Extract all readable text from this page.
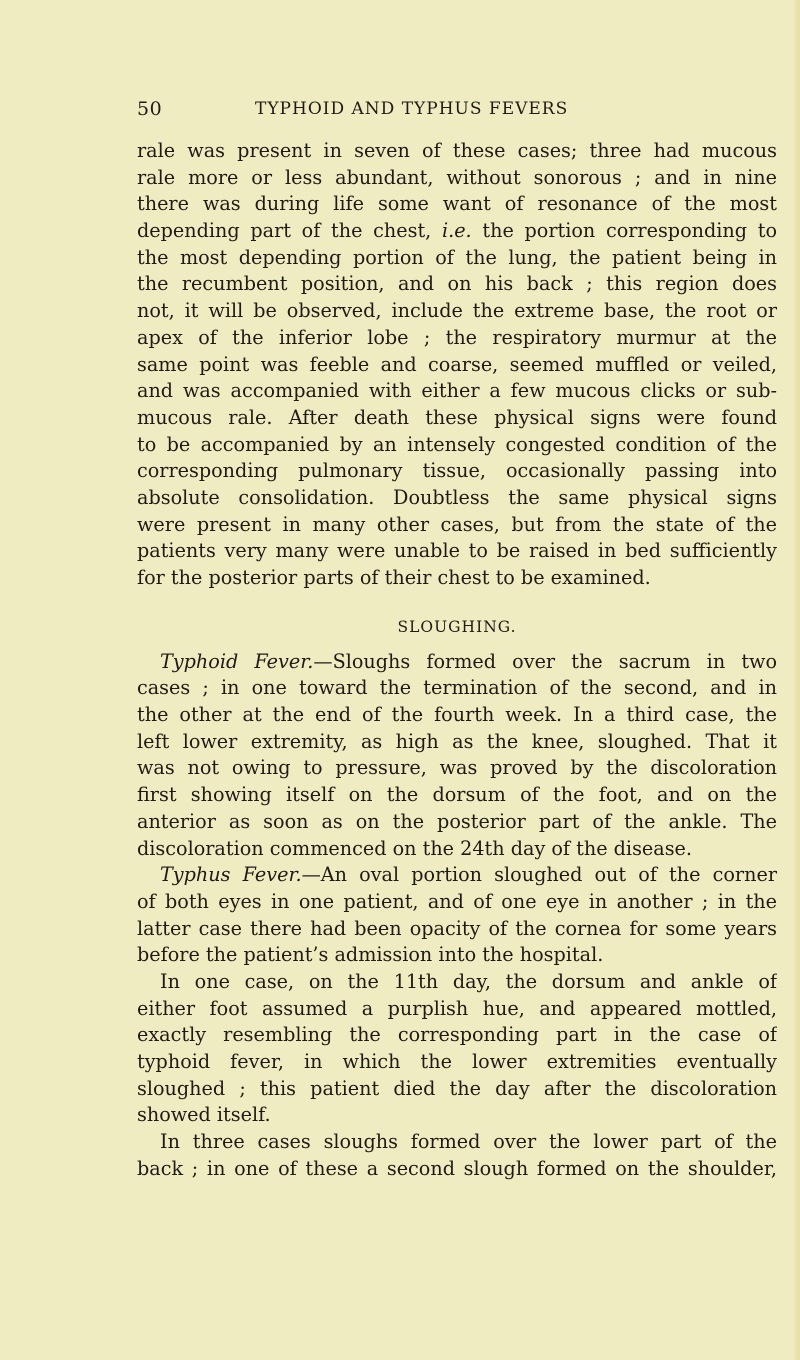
50	TYPHOID AND TYPHUS FEVERS
rale was present in seven of these cases; three had mucous
rale more or less abundant, without sonorous ; and in nine
there was during life some want of resonance of the most
depending part of the chest, i.e. the portion corresponding to
the most depending portion of the lung, the patient being in
the recumbent position, and on his back ; this region does
not, it will be observed, include the extreme base, the root or
apex of the inferior lobe ; the respiratory murmur at the
same point was feeble and coarse, seemed muffled or veiled,
and was accompanied with either a few mucous clicks or sub-
mucous rale. After death these physical signs were found
to be accompanied by an intensely congested condition of the
corresponding pulmonary tissue, occasionally passing into
absolute consolidation. Doubtless the same physical signs
were present in many other cases, but from the state of the
patients very many were unable to be raised in bed sufficiently
for the posterior parts of their chest to be examined.
SLOUGHING.
Typhoid Fever.—Sloughs formed over the sacrum in two
cases ; in one toward the termination of the second, and in
the other at the end of the fourth week. In a third case, the
left lower extremity, as high as the knee, sloughed. That it
was not owing to pressure, was proved by the discoloration
first showing itself on the dorsum of the foot, and on the
anterior as soon as on the posterior part of the ankle. The
discoloration commenced on the 24th day of the disease.
Typhus Fever.—An oval portion sloughed out of the corner
of both eyes in one patient, and of one eye in another ; in the
latter case there had been opacity of the cornea for some years
before the patient’s admission into the hospital.
In one case, on the 11th day, the dorsum and ankle of
either foot assumed a purplish hue, and appeared mottled,
exactly resembling the corresponding part in the case of
typhoid fever, in which the lower extremities eventually
sloughed ; this patient died the day after the discoloration
showed itself.
In three cases sloughs formed over the lower part of the
back ; in one of these a second slough formed on the shoulder,
